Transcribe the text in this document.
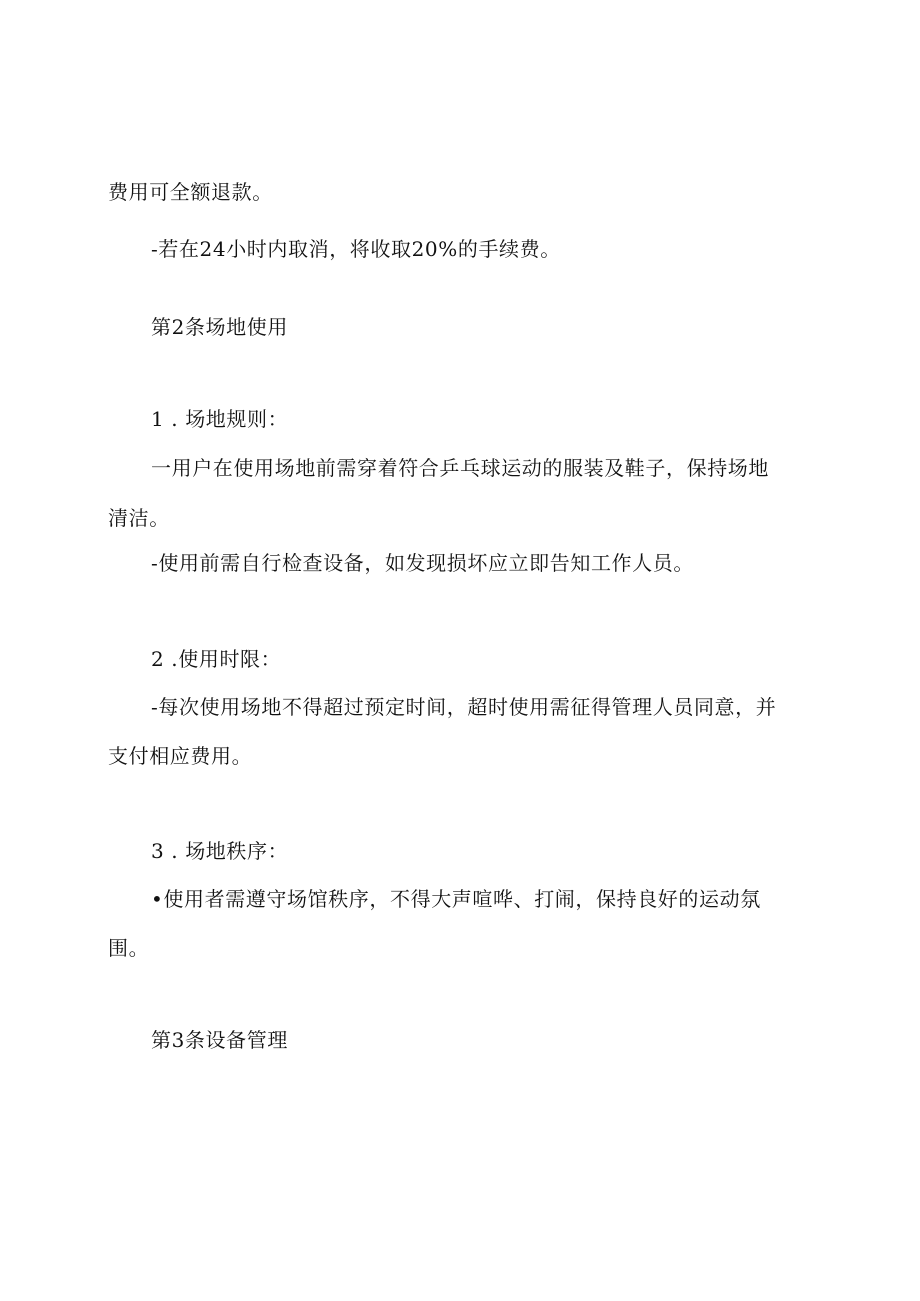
费用可全额退款。
-若在24小时内取消，将收取20%的手续费。
第2条场地使用
1 . 场地规则：
一用户在使用场地前需穿着符合乒乓球运动的服装及鞋子，保持场地
清洁。
-使用前需自行检查设备，如发现损坏应立即告知工作人员。
2 .使用时限：
-每次使用场地不得超过预定时间，超时使用需征得管理人员同意，并
支付相应费用。
3 . 场地秩序：
•使用者需遵守场馆秩序，不得大声喧哗、打闹，保持良好的运动氛
围。
第3条设备管理
